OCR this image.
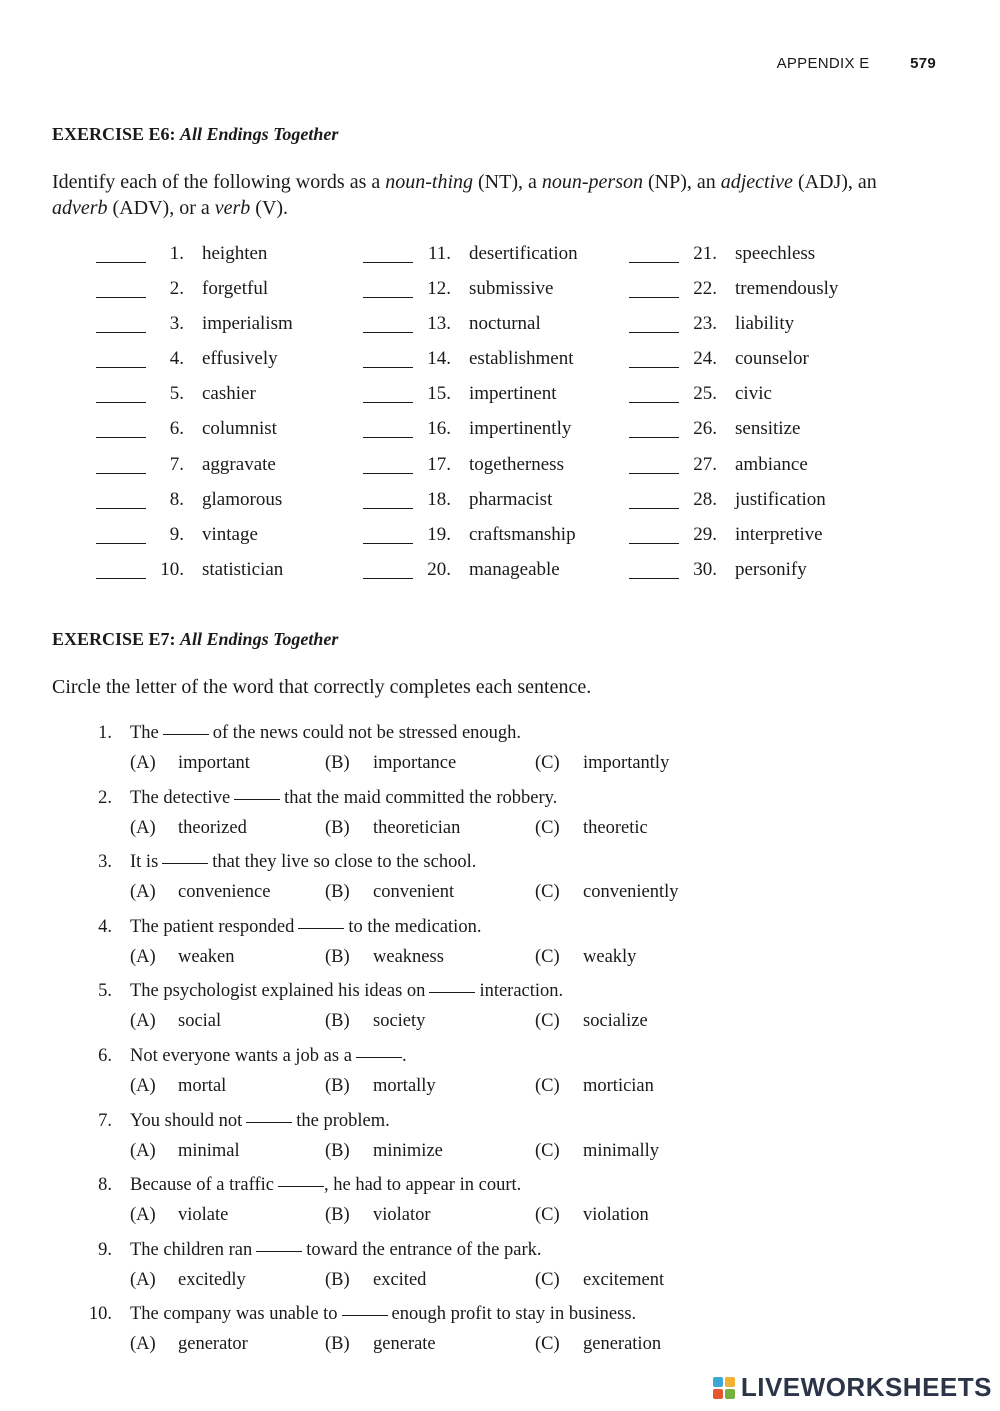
APPENDIX E	579
EXERCISE E6: All Endings Together
Identify each of the following words as a noun-thing (NT), a noun-person (NP), an adjective (ADJ), an adverb (ADV), or a verb (V).
1. heighten
2. forgetful
3. imperialism
4. effusively
5. cashier
6. columnist
7. aggravate
8. glamorous
9. vintage
10. statistician
11. desertification
12. submissive
13. nocturnal
14. establishment
15. impertinent
16. impertinently
17. togetherness
18. pharmacist
19. craftsmanship
20. manageable
21. speechless
22. tremendously
23. liability
24. counselor
25. civic
26. sensitize
27. ambiance
28. justification
29. interpretive
30. personify
EXERCISE E7: All Endings Together
Circle the letter of the word that correctly completes each sentence.
1. The	of the news could not be stressed enough.
(A) important	(B) importance	(C) importantly
2. The detective	that the maid committed the robbery.
(A) theorized	(B) theoretician	(C) theoretic
3. It is	that they live so close to the school.
(A) convenience	(B) convenient	(C) conveniently
4. The patient responded	to the medication.
(A) weaken	(B) weakness	(C) weakly
5. The psychologist explained his ideas on	interaction.
(A) social	(B) society	(C) socialize
6. Not everyone wants a job as a	.
(A) mortal	(B) mortally	(C) mortician
7. You should not	the problem.
(A) minimal	(B) minimize	(C) minimally
8. Because of a traffic	, he had to appear in court.
(A) violate	(B) violator	(C) violation
9. The children ran	toward the entrance of the park.
(A) excitedly	(B) excited	(C) excitement
10. The company was unable to	enough profit to stay in business.
(A) generator	(B) generate	(C) generation
LIVEWORKSHEETS
